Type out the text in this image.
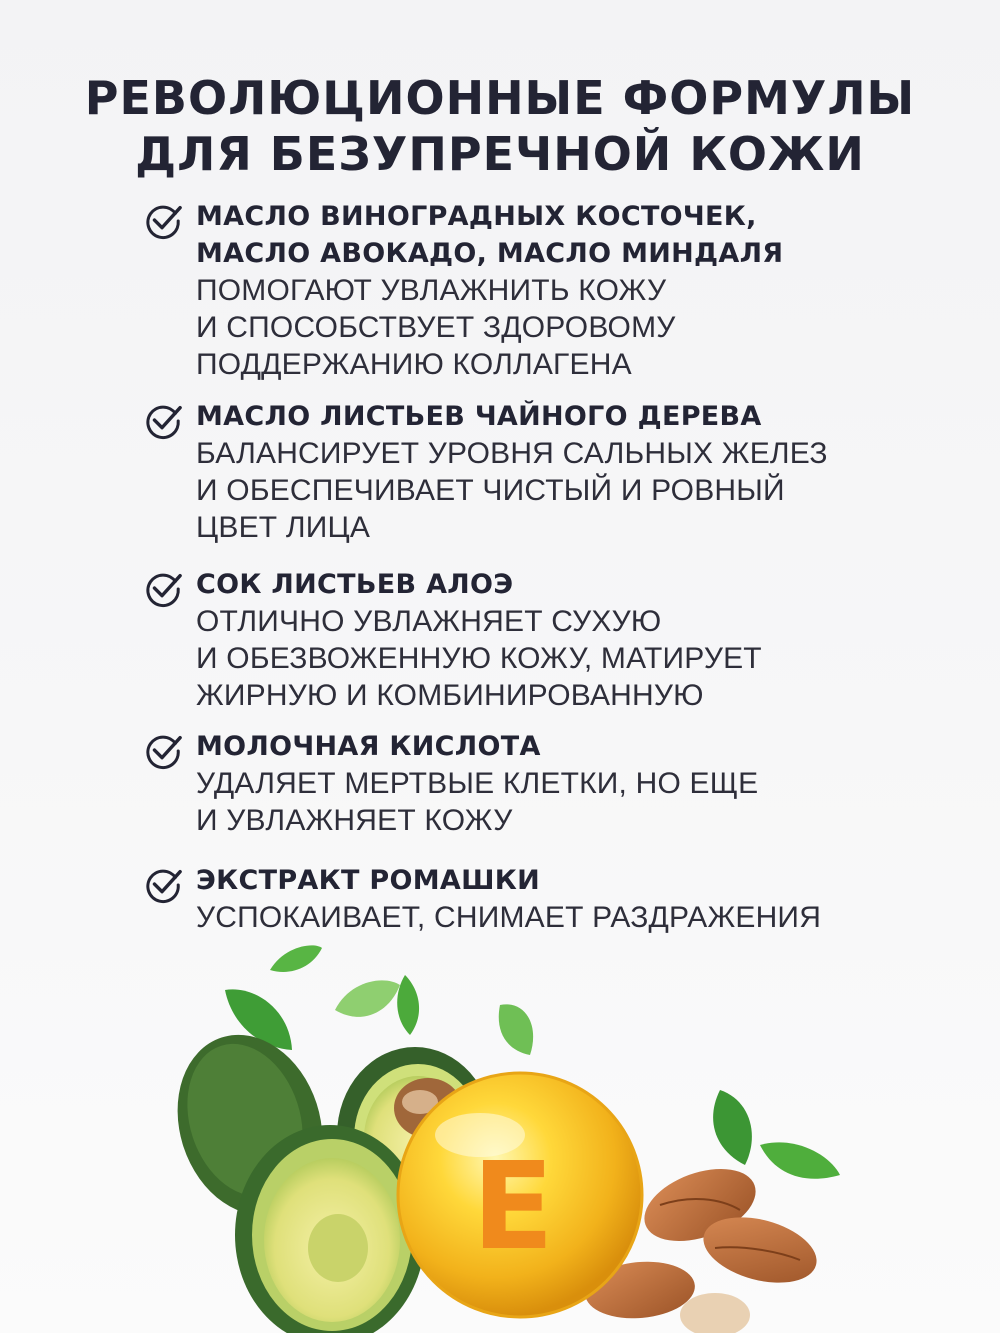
РЕВОЛЮЦИОННЫЕ ФОРМУЛЫ
ДЛЯ БЕЗУПРЕЧНОЙ КОЖИ
МАСЛО ВИНОГРАДНЫХ КОСТОЧЕК,
МАСЛО АВОКАДО, МАСЛО МИНДАЛЯ
ПОМОГАЮТ УВЛАЖНИТЬ КОЖУ
И СПОСОБСТВУЕТ ЗДОРОВОМУ
ПОДДЕРЖАНИЮ КОЛЛАГЕНА
МАСЛО ЛИСТЬЕВ ЧАЙНОГО ДЕРЕВА
БАЛАНСИРУЕТ УРОВНЯ САЛЬНЫХ ЖЕЛЕЗ
И ОБЕСПЕЧИВАЕТ ЧИСТЫЙ И РОВНЫЙ
ЦВЕТ ЛИЦА
СОК ЛИСТЬЕВ АЛОЭ
ОТЛИЧНО УВЛАЖНЯЕТ СУХУЮ
И ОБЕЗВОЖЕННУЮ КОЖУ, МАТИРУЕТ
ЖИРНУЮ И КОМБИНИРОВАННУЮ
МОЛОЧНАЯ КИСЛОТА
УДАЛЯЕТ МЕРТВЫЕ КЛЕТКИ, НО ЕЩЕ
И УВЛАЖНЯЕТ КОЖУ
ЭКСТРАКТ РОМАШКИ
УСПОКАИВАЕТ, СНИМАЕТ РАЗДРАЖЕНИЯ
E
